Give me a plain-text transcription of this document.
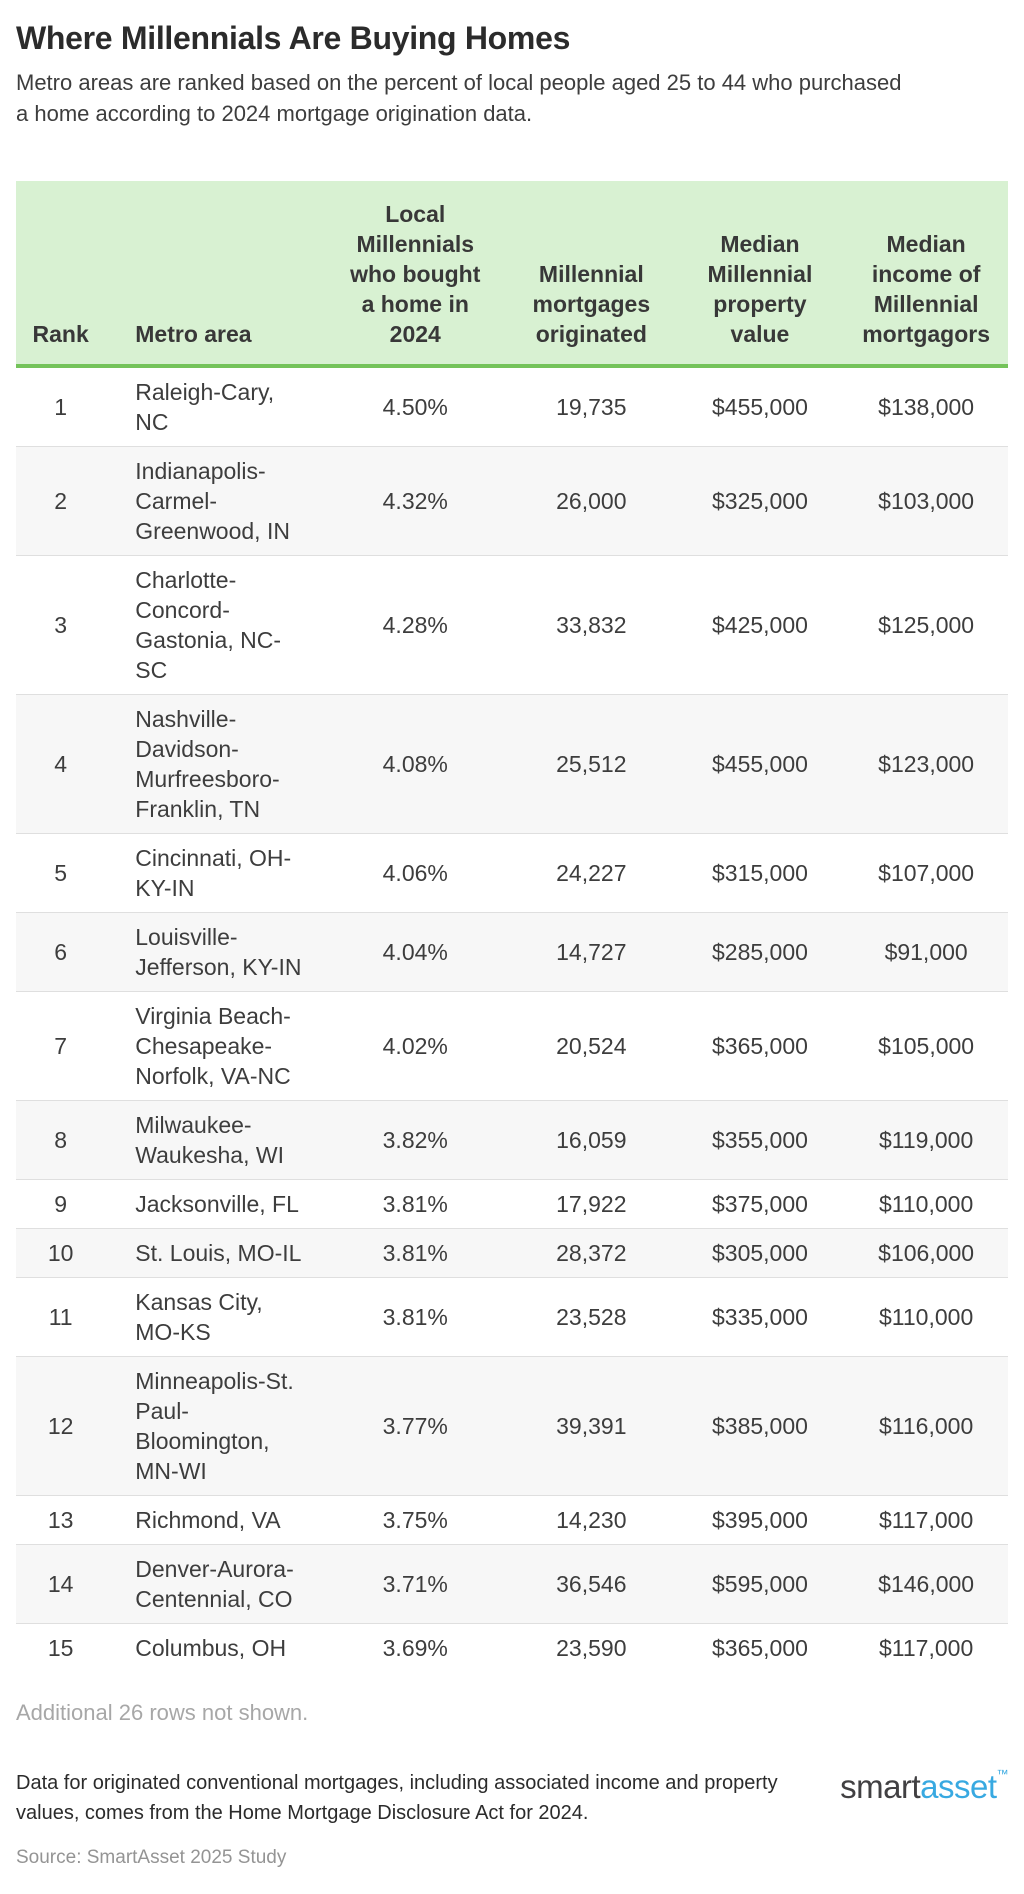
Where Millennials Are Buying Homes

Metro areas are ranked based on the percent of local people aged 25 to 44 who purchased a home according to 2024 mortgage origination data.

Rank	Metro area	Local Millennials who bought a home in 2024	Millennial mortgages originated	Median Millennial property value	Median income of Millennial mortgagors
1	Raleigh-Cary, NC	4.50%	19,735	$455,000	$138,000
2	Indianapolis-Carmel-Greenwood, IN	4.32%	26,000	$325,000	$103,000
3	Charlotte-Concord-Gastonia, NC-SC	4.28%	33,832	$425,000	$125,000
4	Nashville-Davidson-Murfreesboro-Franklin, TN	4.08%	25,512	$455,000	$123,000
5	Cincinnati, OH-KY-IN	4.06%	24,227	$315,000	$107,000
6	Louisville-Jefferson, KY-IN	4.04%	14,727	$285,000	$91,000
7	Virginia Beach-Chesapeake-Norfolk, VA-NC	4.02%	20,524	$365,000	$105,000
8	Milwaukee-Waukesha, WI	3.82%	16,059	$355,000	$119,000
9	Jacksonville, FL	3.81%	17,922	$375,000	$110,000
10	St. Louis, MO-IL	3.81%	28,372	$305,000	$106,000
11	Kansas City, MO-KS	3.81%	23,528	$335,000	$110,000
12	Minneapolis-St. Paul-Bloomington, MN-WI	3.77%	39,391	$385,000	$116,000
13	Richmond, VA	3.75%	14,230	$395,000	$117,000
14	Denver-Aurora-Centennial, CO	3.71%	36,546	$595,000	$146,000
15	Columbus, OH	3.69%	23,590	$365,000	$117,000

Additional 26 rows not shown.

Data for originated conventional mortgages, including associated income and property values, comes from the Home Mortgage Disclosure Act for 2024.

smartasset™

Source: SmartAsset 2025 Study
